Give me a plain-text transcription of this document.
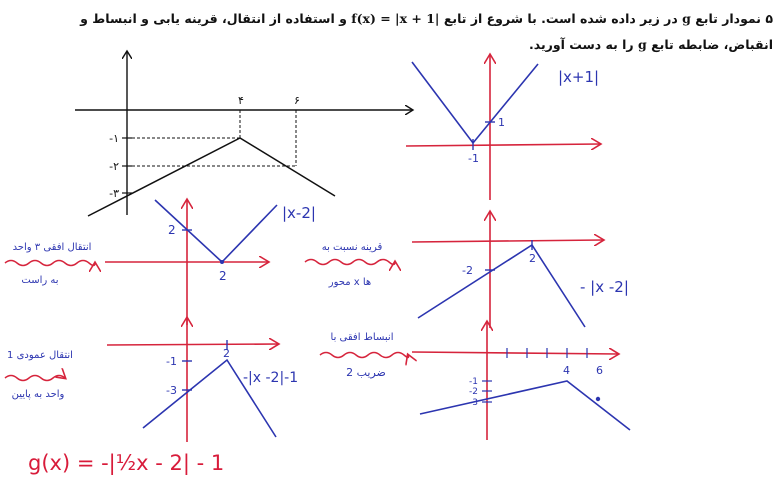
۵ نمودار تابع g در زیر داده شده است. با شروع از تابع f(x) = |x + 1| و استفاده از انتقال، قرینه یابی و انبساط و انقباض، ضابطه تابع g را به دست آورید.
۴	۶
-۱
-۲
-۳
|x+1|
-1
1
انتقال افقی ۳ واحد
به راست
|x-2|
2
2
قرینه نسبت به
محور x ها	- |x -2|
2
-2
انتقال عمودی 1
واحد به پایین
-|x -2|-1
2
-1
-3
انبساط افقی با
ضریب 2	4 6
-1
-2
-3
g(x) = -|½x - 2| - 1
